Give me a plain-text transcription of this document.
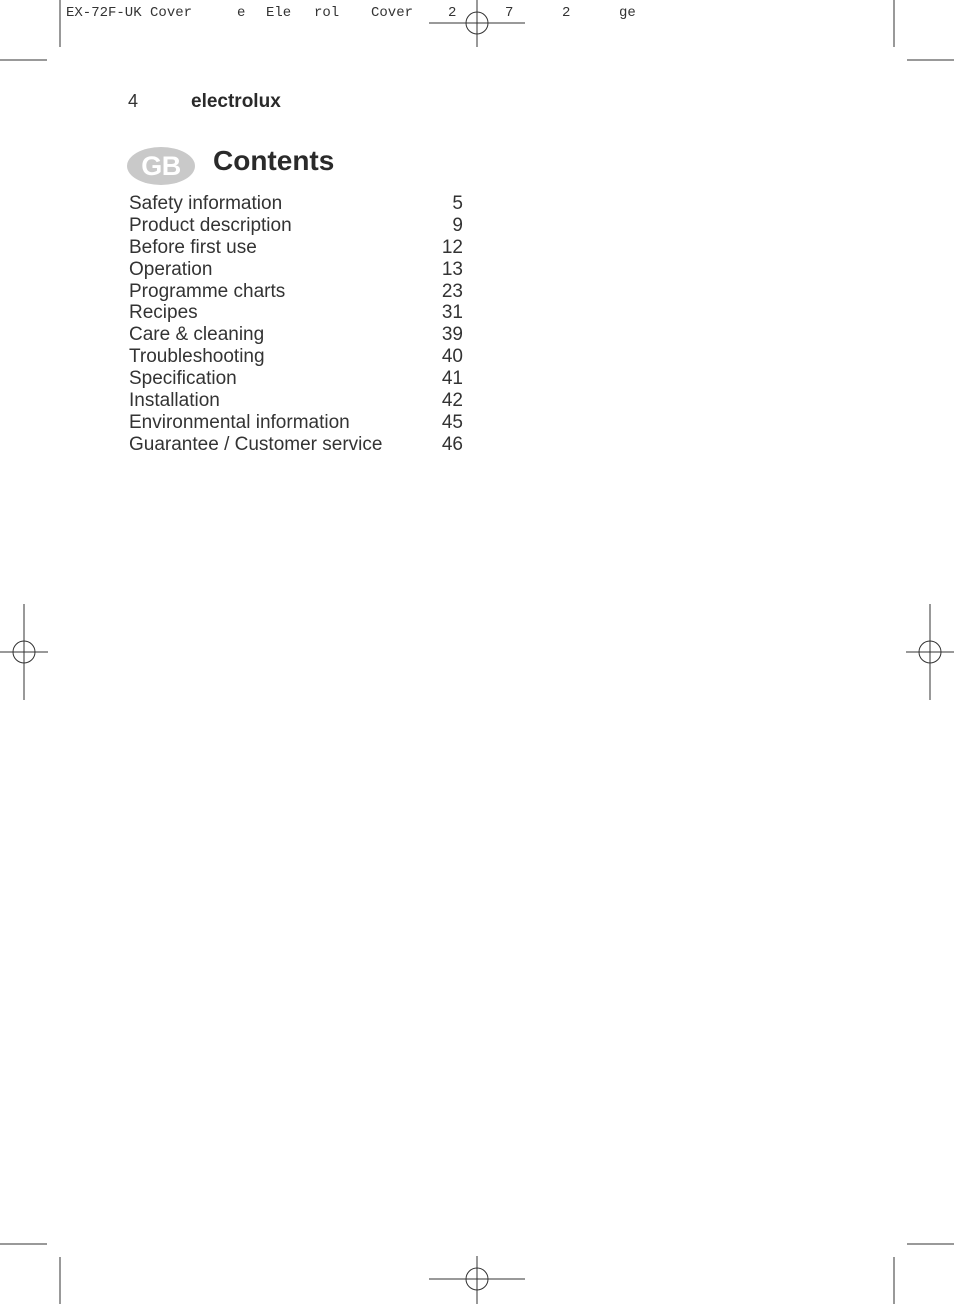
EX-72F-UK Cover	e Ele rol Cover 2	7	2	ge
4	electrolux
GB	Contents
Safety information	5
Product description	9
Before first use	12
Operation	13
Programme charts	23
Recipes	31
Care & cleaning	39
Troubleshooting	40
Specification	41
Installation	42
Environmental information	45
Guarantee / Customer service	46
